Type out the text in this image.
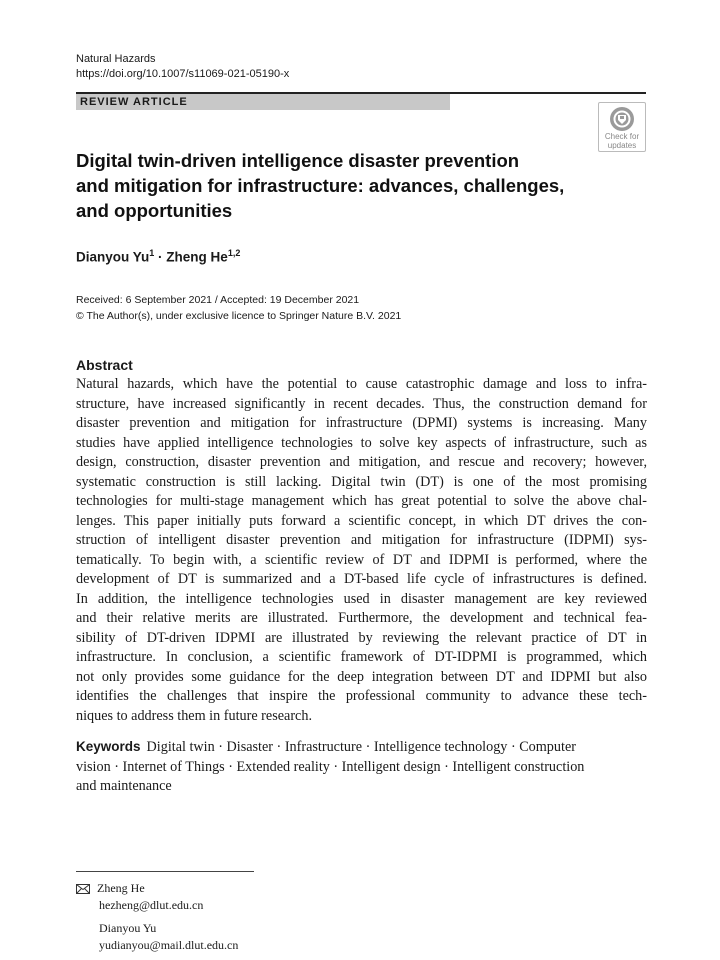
Natural Hazards
https://doi.org/10.1007/s11069-021-05190-x
REVIEW ARTICLE
Check for
updates
Digital twin-driven intelligence disaster prevention
and mitigation for infrastructure: advances, challenges,
and opportunities
Dianyou $Yu^1$ · Zheng He$^{1,2}$
Received: 6 September 2021 / Accepted: 19 December 2021
© The Author(s), under exclusive licence to Springer Nature B.V. 2021
Abstract
Natural hazards, which have the potential to cause catastrophic damage and loss to infra-
structure, have increased significantly in recent decades. Thus, the construction demand for
disaster prevention and mitigation for infrastructure (DPMI) systems is increasing. Many
studies have applied intelligence technologies to solve key aspects of infrastructure, such as
design, construction, disaster prevention and mitigation, and rescue and recovery; however,
systematic construction is still lacking. Digital twin (DT) is one of the most promising
technologies for multi-stage management which has great potential to solve the above chal-
lenges. This paper initially puts forward a scientific concept, in which DT drives the con-
struction of intelligent disaster prevention and mitigation for infrastructure (IDPMI) sys-
tematically. To begin with, a scientific review of DT and IDPMI is performed, where the
development of DT is summarized and a DT-based life cycle of infrastructures is defined.
In addition, the intelligence technologies used in disaster management are key reviewed
and their relative merits are illustrated. Furthermore, the development and technical fea-
sibility of DT-driven IDPMI are illustrated by reviewing the relevant practice of DT in
infrastructure. In conclusion, a scientific framework of DT-IDPMI is programmed, which
not only provides some guidance for the deep integration between DT and IDPMI but also
identifies the challenges that inspire the professional community to advance these tech-
niques to address them in future research.
Keywords Digital twin · Disaster · Infrastructure · Intelligence technology · Computer
vision · Internet of Things · Extended reality · Intelligent design · Intelligent construction
and maintenance
Zheng He
hezheng@dlut.edu.cn
Dianyou Yu
yudianyou@mail.dlut.edu.cn
